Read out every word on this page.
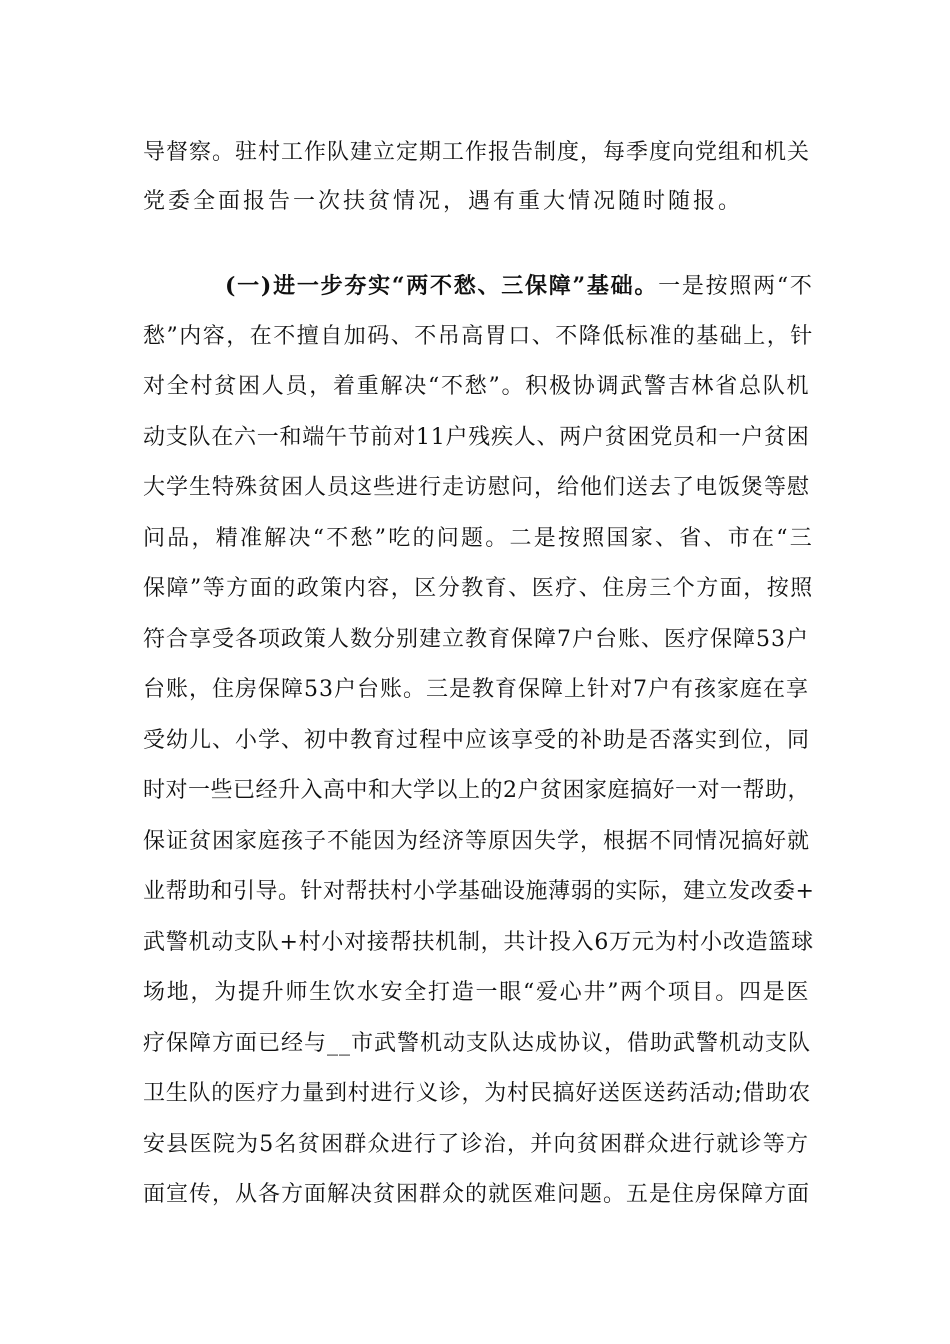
导督察。驻村工作队建立定期工作报告制度，每季度向党组和机关
党委全面报告一次扶贫情况，遇有重大情况随时随报。
(一)进一步夯实“两不愁、三保障”基础。一是按照两“不
愁”内容，在不擅自加码、不吊高胃口、不降低标准的基础上，针
对全村贫困人员，着重解决“不愁”。积极协调武警吉林省总队机
动支队在六一和端午节前对11户残疾人、两户贫困党员和一户贫困
大学生特殊贫困人员这些进行走访慰问，给他们送去了电饭煲等慰
问品，精准解决“不愁”吃的问题。二是按照国家、省、市在“三
保障”等方面的政策内容，区分教育、医疗、住房三个方面，按照
符合享受各项政策人数分别建立教育保障7户台账、医疗保障53户
台账，住房保障53户台账。三是教育保障上针对7户有孩家庭在享
受幼儿、小学、初中教育过程中应该享受的补助是否落实到位，同
时对一些已经升入高中和大学以上的2户贫困家庭搞好一对一帮助，
保证贫困家庭孩子不能因为经济等原因失学，根据不同情况搞好就
业帮助和引导。针对帮扶村小学基础设施薄弱的实际，建立发改委+
武警机动支队+村小对接帮扶机制，共计投入6万元为村小改造篮球
场地，为提升师生饮水安全打造一眼“爱心井”两个项目。四是医
疗保障方面已经与__市武警机动支队达成协议，借助武警机动支队
卫生队的医疗力量到村进行义诊，为村民搞好送医送药活动;借助农
安县医院为5名贫困群众进行了诊治，并向贫困群众进行就诊等方
面宣传，从各方面解决贫困群众的就医难问题。五是住房保障方面
